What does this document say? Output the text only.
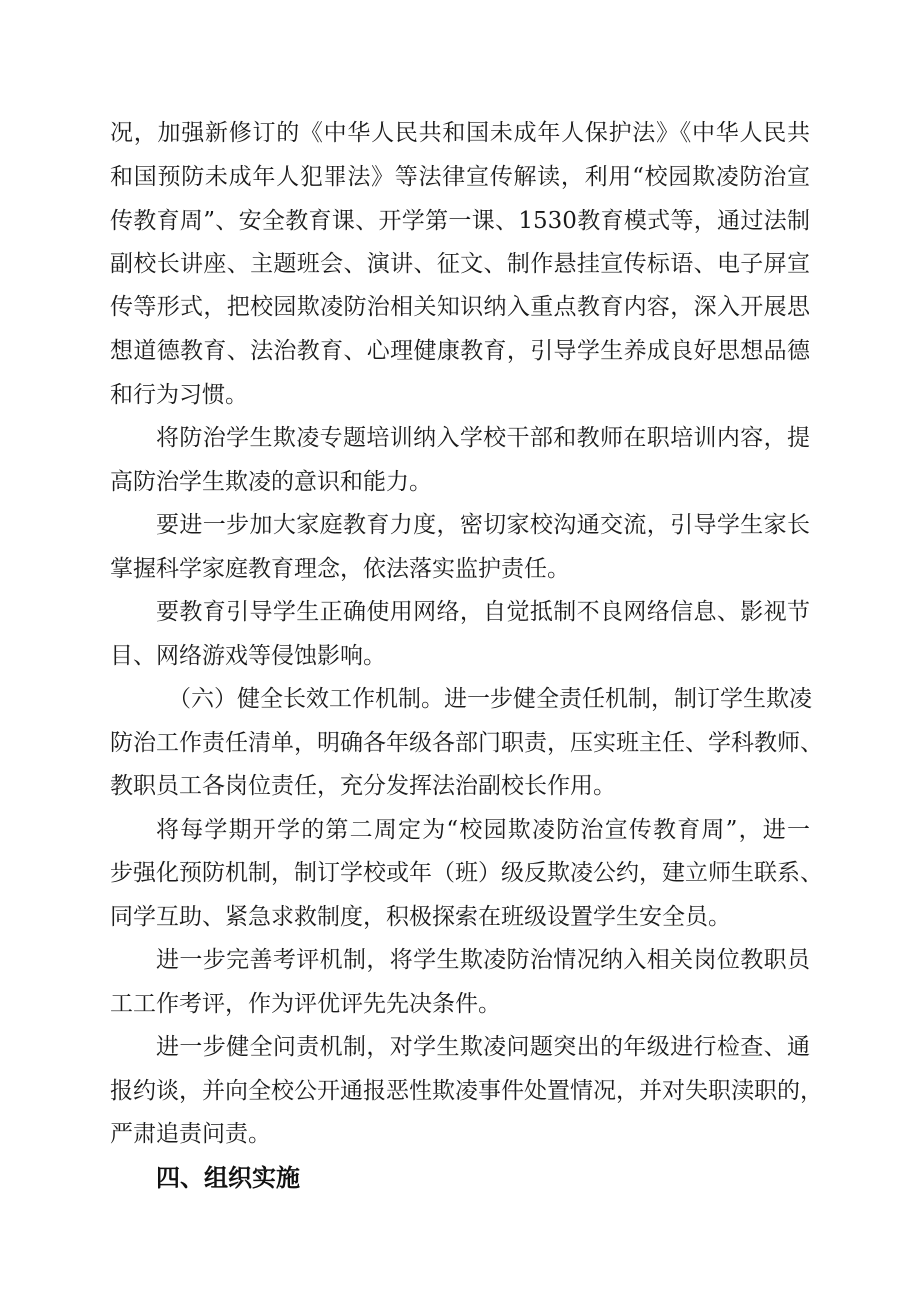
况，加强新修订的《中华人民共和国未成年人保护法》《中华人民共
和国预防未成年人犯罪法》等法律宣传解读，利用“校园欺凌防治宣
传教育周”、安全教育课、开学第一课、1530教育模式等，通过法制
副校长讲座、主题班会、演讲、征文、制作悬挂宣传标语、电子屏宣
传等形式，把校园欺凌防治相关知识纳入重点教育内容，深入开展思
想道德教育、法治教育、心理健康教育，引导学生养成良好思想品德
和行为习惯。
将防治学生欺凌专题培训纳入学校干部和教师在职培训内容，提
高防治学生欺凌的意识和能力。
要进一步加大家庭教育力度，密切家校沟通交流，引导学生家长
掌握科学家庭教育理念，依法落实监护责任。
要教育引导学生正确使用网络，自觉抵制不良网络信息、影视节
目、网络游戏等侵蚀影响。
（六）健全长效工作机制。进一步健全责任机制，制订学生欺凌
防治工作责任清单，明确各年级各部门职责，压实班主任、学科教师、
教职员工各岗位责任，充分发挥法治副校长作用。
将每学期开学的第二周定为“校园欺凌防治宣传教育周”，进一
步强化预防机制，制订学校或年（班）级反欺凌公约，建立师生联系、
同学互助、紧急求救制度，积极探索在班级设置学生安全员。
进一步完善考评机制，将学生欺凌防治情况纳入相关岗位教职员
工工作考评，作为评优评先先决条件。
进一步健全问责机制，对学生欺凌问题突出的年级进行检查、通
报约谈，并向全校公开通报恶性欺凌事件处置情况，并对失职渎职的，
严肃追责问责。
四、组织实施
